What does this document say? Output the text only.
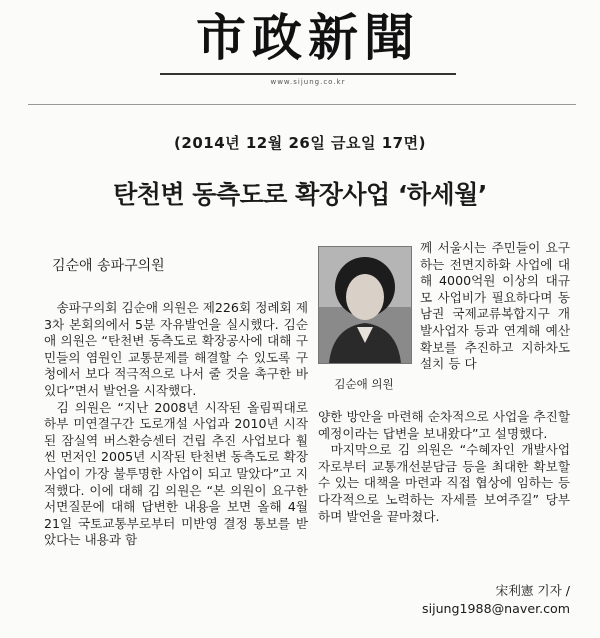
市政新聞
www.sijung.co.kr
(2014년 12월 26일 금요일 17면)
탄천변 동측도로 확장사업 ‘하세월’
김순애 송파구의원

송파구의회 김순애 의원은 제226회 정례회 제3차 본회의에서 5분 자유발언을 실시했다. 김순애 의원은 “탄천변 동측도로 확장공사에 대해 구민들의 염원인 교통문제를 해결할 수 있도록 구청에서 보다 적극적으로 나서 줄 것을 촉구한 바 있다”면서 발언을 시작했다.

김 의원은 “지난 2008년 시작된 올림픽대로 하부 미연결구간 도로개설 사업과 2010년 시작된 잠실역 버스환승센터 건립 추진 사업보다 훨씬 먼저인 2005년 시작된 탄천변 동측도로 확장사업이 가장 불투명한 사업이 되고 말았다”고 지적했다. 이에 대해 김 의원은 “본 의원이 요구한 서면질문에 대해 답변한 내용을 보면 올해 4월21일 국토교통부로부터 미반영 결정 통보를 받았다는 내용과 함

김순애 의원
께 서울시는 주민들이 요구하는 전면지하화 사업에 대해 4000억원 이상의 대규모 사업비가 필요하다며 동남권 국제교류복합지구 개발사업자 등과 연계해 예산 확보를 추진하고 지하차도 설치 등 다

양한 방안을 마련해 순차적으로 사업을 추진할 예정이라는 답변을 보내왔다”고 설명했다.

마지막으로 김 의원은 “수혜자인 개발사업자로부터 교통개선분담금 등을 최대한 확보할 수 있는 대책을 마련과 직접 협상에 임하는 등 다각적으로 노력하는 자세를 보여주길” 당부하며 발언을 끝마쳤다.

宋利憲 기자 /
sijung1988@naver.com
